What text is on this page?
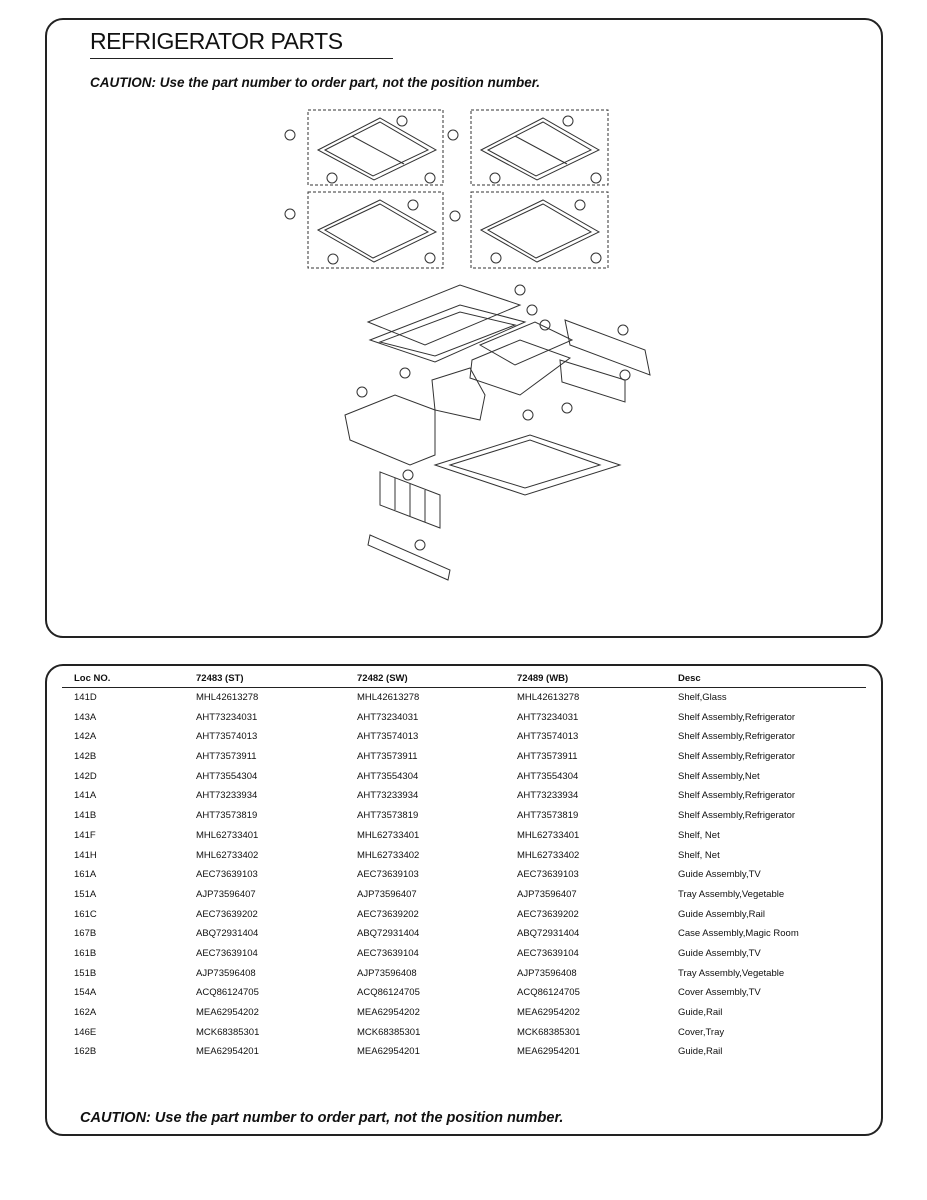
REFRIGERATOR PARTS
CAUTION: Use the part number to order part, not the position number.
Loc NO.	72483 (ST)	72482 (SW)	72489 (WB)	Desc
141D	MHL42613278	MHL42613278	MHL42613278	Shelf,Glass
143A	AHT73234031	AHT73234031	AHT73234031	Shelf Assembly,Refrigerator
142A	AHT73574013	AHT73574013	AHT73574013	Shelf Assembly,Refrigerator
142B	AHT73573911	AHT73573911	AHT73573911	Shelf Assembly,Refrigerator
142D	AHT73554304	AHT73554304	AHT73554304	Shelf Assembly,Net
141A	AHT73233934	AHT73233934	AHT73233934	Shelf Assembly,Refrigerator
141B	AHT73573819	AHT73573819	AHT73573819	Shelf Assembly,Refrigerator
141F	MHL62733401	MHL62733401	MHL62733401	Shelf, Net
141H	MHL62733402	MHL62733402	MHL62733402	Shelf, Net
161A	AEC73639103	AEC73639103	AEC73639103	Guide Assembly,TV
151A	AJP73596407	AJP73596407	AJP73596407	Tray Assembly,Vegetable
161C	AEC73639202	AEC73639202	AEC73639202	Guide Assembly,Rail
167B	ABQ72931404	ABQ72931404	ABQ72931404	Case Assembly,Magic Room
161B	AEC73639104	AEC73639104	AEC73639104	Guide Assembly,TV
151B	AJP73596408	AJP73596408	AJP73596408	Tray Assembly,Vegetable
154A	ACQ86124705	ACQ86124705	ACQ86124705	Cover Assembly,TV
162A	MEA62954202	MEA62954202	MEA62954202	Guide,Rail
146E	MCK68385301	MCK68385301	MCK68385301	Cover,Tray
162B	MEA62954201	MEA62954201	MEA62954201	Guide,Rail
CAUTION: Use the part number to order part, not the position number.
